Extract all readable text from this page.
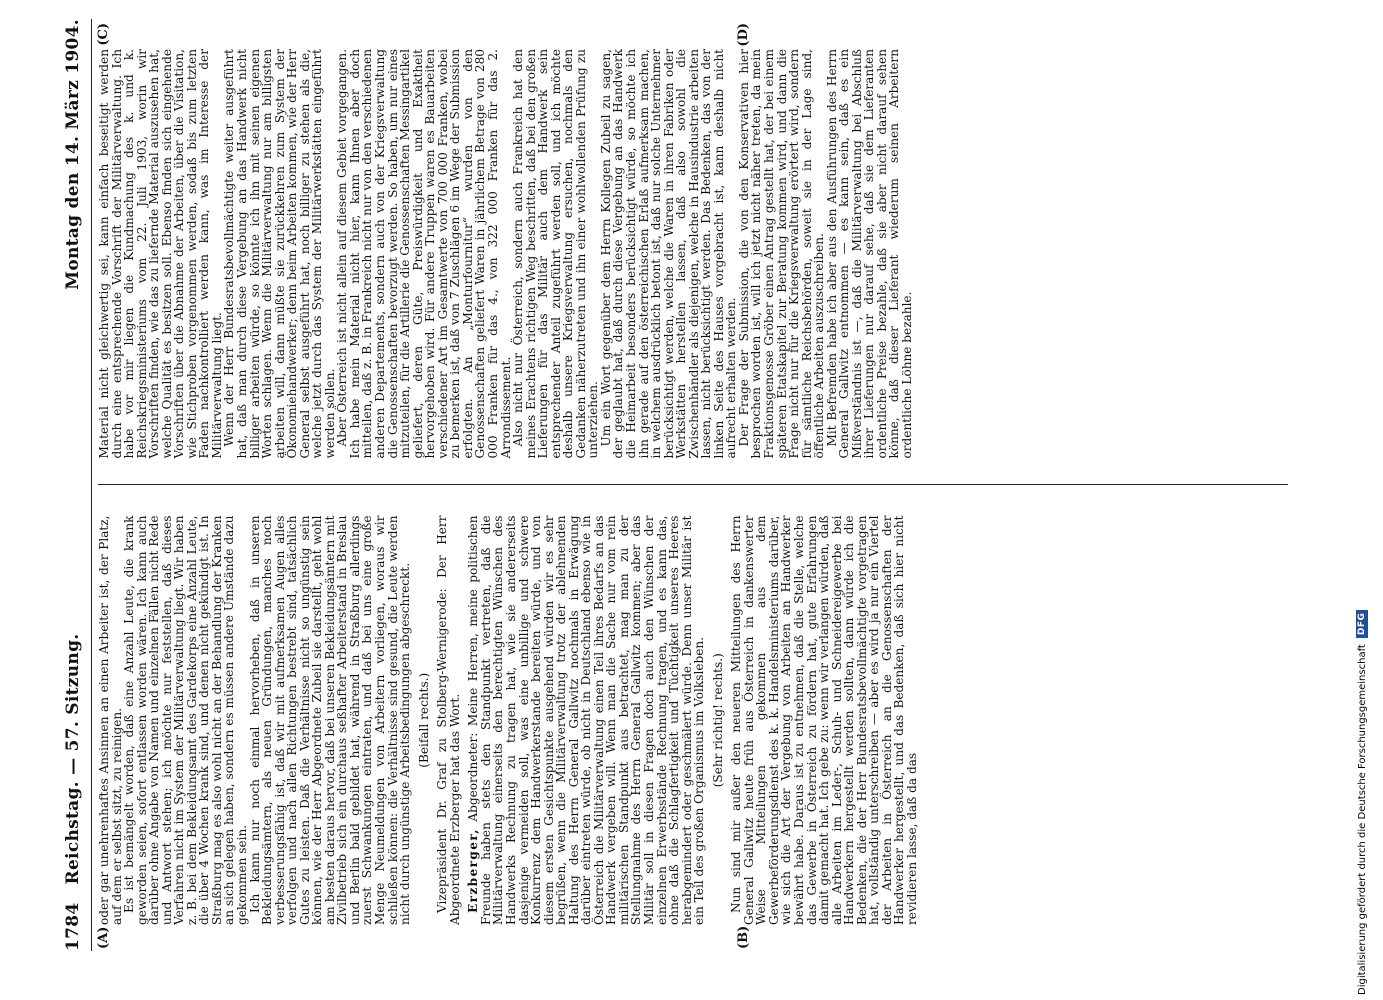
1784
Reichstag. — 57. Sitzung.
Montag den 14. März 1904.
(A)	(B)

oder gar unehrenhaftes Ansinnen an einen Arbeiter ist, der Platz, auf dem er selbst sitzt, zu reinigen.

Es ist bemängelt worden, daß eine Anzahl Leute, die krank geworden seien, sofort entlassen worden wären. Ich kann auch darüber ohne Angabe von Namen und einzelnen Fällen nicht Rede und Antwort stehen; ich möchte nur feststellen, daß dieses Verfahren nicht im System der Militärverwaltung liegt. Wir haben z. B. bei dem Bekleidungsamt des Gardekorps eine Anzahl Leute, die über 4 Wochen krank sind, und denen nicht gekündigt ist. In Straßburg mag es also wohl nicht an der Behandlung der Kranken an sich gelegen haben, sondern es müssen andere Umstände dazu gekommen sein.

Ich kann nur noch einmal hervorheben, daß in unseren Bekleidungsämtern, als neuen Gründungen, manches noch verbesserungsfähig ist, daß wir mit aufmerksamen Augen alles verfolgen und nach allen Richtungen bestrebt sind, tatsächlich Gutes zu leisten. Daß die Verhältnisse nicht so ungünstig sein können, wie der Herr Abgeordnete Zubeil sie darstellt, geht wohl am besten daraus hervor, daß bei unseren Bekleidungsämtern mit Zivilbetrieb sich ein durchaus seßhafter Arbeiterstand in Breslau und Berlin bald gebildet hat, während in Straßburg allerdings zuerst Schwankungen eintraten, und daß bei uns eine große Menge Neumeldungen von Arbeitern vorliegen, woraus wir schließen können: die Verhältnisse sind gesund, die Leute werden nicht durch ungünstige Arbeitsbedingungen abgeschreckt. (Beifall rechts.) Vizepräsident Dr. Graf zu Stolberg-Wernigerode: Der Herr Abgeordnete Erzberger hat das Wort. Erzberger, Abgeordneter: Meine Herren, meine politischen Freunde haben stets den Standpunkt vertreten, daß die Militärverwaltung einerseits den berechtigten Wünschen des Handwerks Rechnung zu tragen hat, wie sie andererseits dasjenige vermeiden soll, was eine unbillige und schwere Konkurrenz dem Handwerkerstande bereiten würde, und von diesem ersten Gesichtspunkte ausgehend würden wir es sehr begrüßen, wenn die Militärverwaltung trotz der ablehnenden Haltung des Herrn General Gallwitz nochmals in Erwägung darüber eintreten würde, ob nicht in Deutschland ebenso wie in Österreich die Militärverwaltung einen Teil ihres Bedarfs an das Handwerk vergeben will. Wenn man die Sache nur vom rein militärischen Standpunkt aus betrachtet, mag man zu der Stellungnahme des Herrn General Gallwitz kommen; aber das Militär soll in diesen Fragen doch auch den Wünschen der einzelnen Erwerbsstände Rechnung tragen, und es kann das, ohne daß die Schlagfertigkeit und Tüchtigkeit unseres Heeres herabgemindert oder geschmälert würde. Denn unser Militär ist ein Teil des großen Organismus im Volksleben. (Sehr richtig! rechts.) Nun sind mir außer den neueren Mitteilungen des Herrn General Gallwitz heute früh aus Österreich in dankenswerter Weise Mitteilungen gekommen aus dem Gewerbeförderungsdienst des k. k. Handelsministeriums darüber, wie sich die Art der Vergebung von Arbeiten an Handwerker bewährt habe. Daraus ist zu entnehmen, daß die Stelle, welche das Gewerbe in Österreich zu fördern hat, gute Erfahrungen damit gemacht hat. Ich gebe zu: wenn wir verlangen würden, daß alle Arbeiten im Leder-, Schuh- und Schneidereigewerbe bei Handwerkern hergestellt werden sollten, dann würde ich die Bedenken, die der Herr Bundesratsbevollmächtigte vorgetragen hat, vollständig unterschreiben — aber es wird ja nur ein Viertel der Arbeiten in Österreich an die Genossenschaften der Handwerker hergestellt, und das Bedenken, daß sich hier nicht revidieren lasse, daß da das

(C)	(D)

Material nicht gleichwertig sei, kann einfach beseitigt werden durch eine entsprechende Vorschrift der Militärverwaltung. Ich habe vor mir liegen die Kundmachung des k. und k. Reichskriegsministeriums vom 22. Juli 1903, worin wir Vorschriften finden, wie das zu liefernde Material auszusehen hat, welche Qualität es besitzen soll. Ebenso finden sich eingehende Vorschriften über die Abnahme der Arbeiten, über die Visitation, wie Stichproben vorgenommen werden, sodaß bis zum letzten Faden nachkontrolliert werden kann, was im Interesse der Militärverwaltung liegt.

Wenn der Herr Bundesratsbevollmächtigte weiter ausgeführt hat, daß man durch diese Vergebung an das Handwerk nicht billiger arbeiten würde, so könnte ich ihn mit seinen eigenen Worten schlagen. Wenn die Militärverwaltung nur am billigsten arbeiten will, dann müßte sie zurückkehren zum System der Ökonomiehandwerker; denn beim Arbeiten kommen, wie der Herr General selbst ausgeführt hat, noch billiger zu stehen als die, welche jetzt durch das System der Militärwerkstätten eingeführt werden sollen.

Aber Österreich ist nicht allein auf diesem Gebiet vorgegangen. Ich habe mein Material nicht hier, kann Ihnen aber doch mitteilen, daß z. B. in Frankreich nicht nur von den verschiedenen anderen Departements, sondern auch von der Kriegsverwaltung die Genossenschaften bevorzugt werden. So haben, um nur eines mitzuteilen, für die Artillerie die Genossenschaften Messingartikel geliefert, deren Güte, Preiswürdigkeit und Exaktheit hervorgehoben wird. Für andere Truppen waren es Bauarbeiten verschiedener Art im Gesamtwerte von 700 000 Franken, wobei zu bemerken ist, daß von 7 Zuschlägen 6 im Wege der Submission erfolgten. An „Monturfournitur“ wurden von den Genossenschaften geliefert Waren in jährlichem Betrage von 280 000 Franken für das 4., von 322 000 Franken für das 2. Arrondissement.

Also nicht nur Österreich, sondern auch Frankreich hat den meines Erachtens richtigen Weg beschritten, daß bei den großen Lieferungen für das Militär auch dem Handwerk sein entsprechender Anteil zugeführt werden soll, und ich möchte deshalb unsere Kriegsverwaltung ersuchen, nochmals den Gedanken näherzutreten und ihn einer wohlwollenden Prüfung zu unterziehen.

Um ein Wort gegenüber dem Herrn Kollegen Zubeil zu sagen, der geglaubt hat, daß durch diese Vergebung an das Handwerk die Heimarbeit besonders berücksichtigt würde, so möchte ich ihn gerade auf den österreichischen Erlaß aufmerksam machen, in welchem ausdrücklich betont ist, daß nur solche Unternehmer berücksichtigt werden, welche die Waren in ihren Fabriken oder Werkstätten herstellen lassen, daß also sowohl die Zwischenhändler als diejenigen, welche in Hausindustrie arbeiten lassen, nicht berücksichtigt werden. Das Bedenken, das von der linken Seite des Hauses vorgebracht ist, kann deshalb nicht aufrecht erhalten werden.

Der Frage der Submission, die von den Konservativen hier besprochen worden ist, will ich jetzt nicht näher treten, da mein Fraktionsgenosse Gröber einen Antrag gestellt hat, der bei einem späteren Etatskapitel zur Beratung kommen wird, und dann die Frage nicht nur für die Kriegsverwaltung erörtert wird, sondern für sämtliche Reichsbehörden, soweit sie in der Lage sind, öffentliche Arbeiten auszuschreiben.

Mit Befremden habe ich aber aus den Ausführungen des Herrn General Gallwitz entnommen — es kann sein, daß es ein Mißverständnis ist —, daß die Militärverwaltung bei Abschluß ihrer Lieferungen nur darauf sehe, daß sie dem Lieferanten ordentliche Preise bezahle, daß sie aber nicht darauf sehen könne, daß dieser Lieferant wiederum seinen Arbeitern ordentliche Löhne bezahle.

Digitalisierung gefördert durch die Deutsche Forschungsgemeinschaft
DFG
